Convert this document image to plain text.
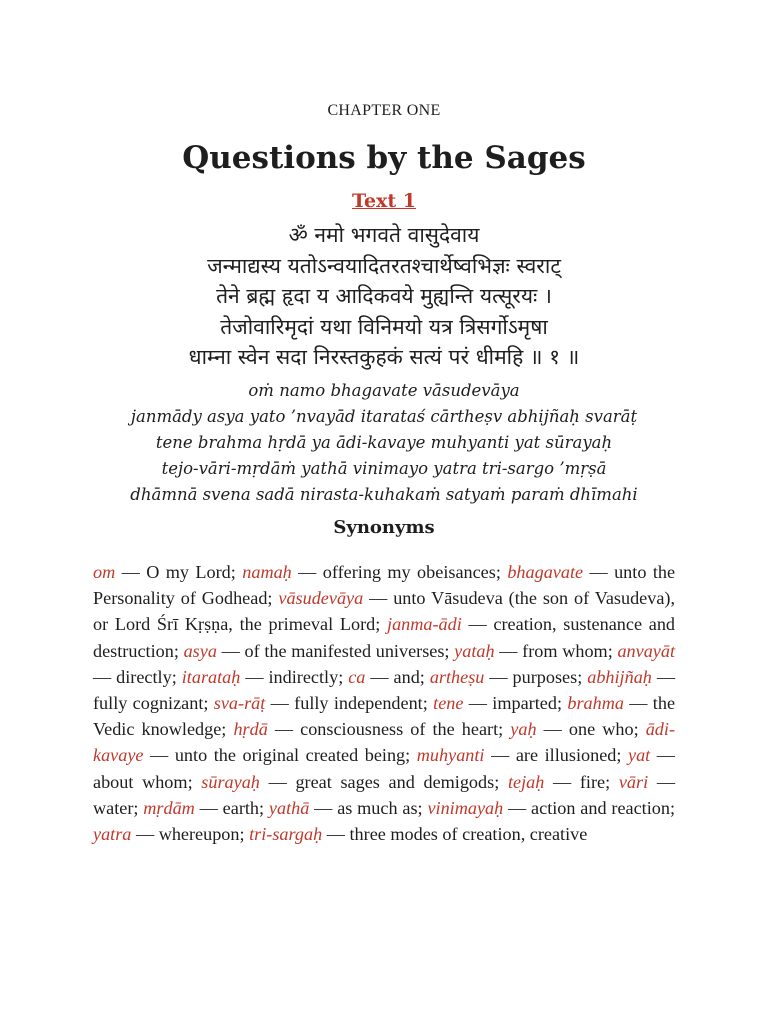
CHAPTER ONE
Questions by the Sages
Text 1
ॐ नमो भगवते वासुदेवाय
जन्माद्यस्य यतोऽन्वयादितरतश्चार्थेष्वभिज्ञः स्वराट्
तेने ब्रह्म हृदा य आदिकवये मुह्यन्ति यत्सूरयः ।
तेजोवारिमृदां यथा विनिमयो यत्र त्रिसर्गोऽमृषा
धाम्ना स्वेन सदा निरस्तकुहकं सत्यं परं धीमहि ॥ १ ॥
oṁ namo bhagavate vāsudevāya
janmādy asya yato ’nvayād itarataś cārtheṣv abhijñaḥ svarāṭ
tene brahma hṛdā ya ādi-kavaye muhyanti yat sūrayaḥ
tejo-vāri-mṛdāṁ yathā vinimayo yatra tri-sargo ’mṛṣā
dhāmnā svena sadā nirasta-kuhakaṁ satyaṁ paraṁ dhīmahi
Synonyms
om — O my Lord; namaḥ — offering my obeisances; bhagavate — unto the Personality of Godhead; vāsudevāya — unto Vāsudeva (the son of Vasudeva), or Lord Śrī Kṛṣṇa, the primeval Lord; janma-ādi — creation, sustenance and destruction; asya — of the manifested universes; yataḥ — from whom; anvayāt — directly; itarataḥ — indirectly; ca — and; artheṣu — purposes; abhijñaḥ — fully cognizant; sva-rāṭ — fully independent; tene — imparted; brahma — the Vedic knowledge; hṛdā — consciousness of the heart; yaḥ — one who; ādi-kavaye — unto the original created being; muhyanti — are illusioned; yat — about whom; sūrayaḥ — great sages and demigods; tejaḥ — fire; vāri — water; mṛdām — earth; yathā — as much as; vinimayaḥ — action and reaction; yatra — whereupon; tri-sargaḥ — three modes of creation, creative
